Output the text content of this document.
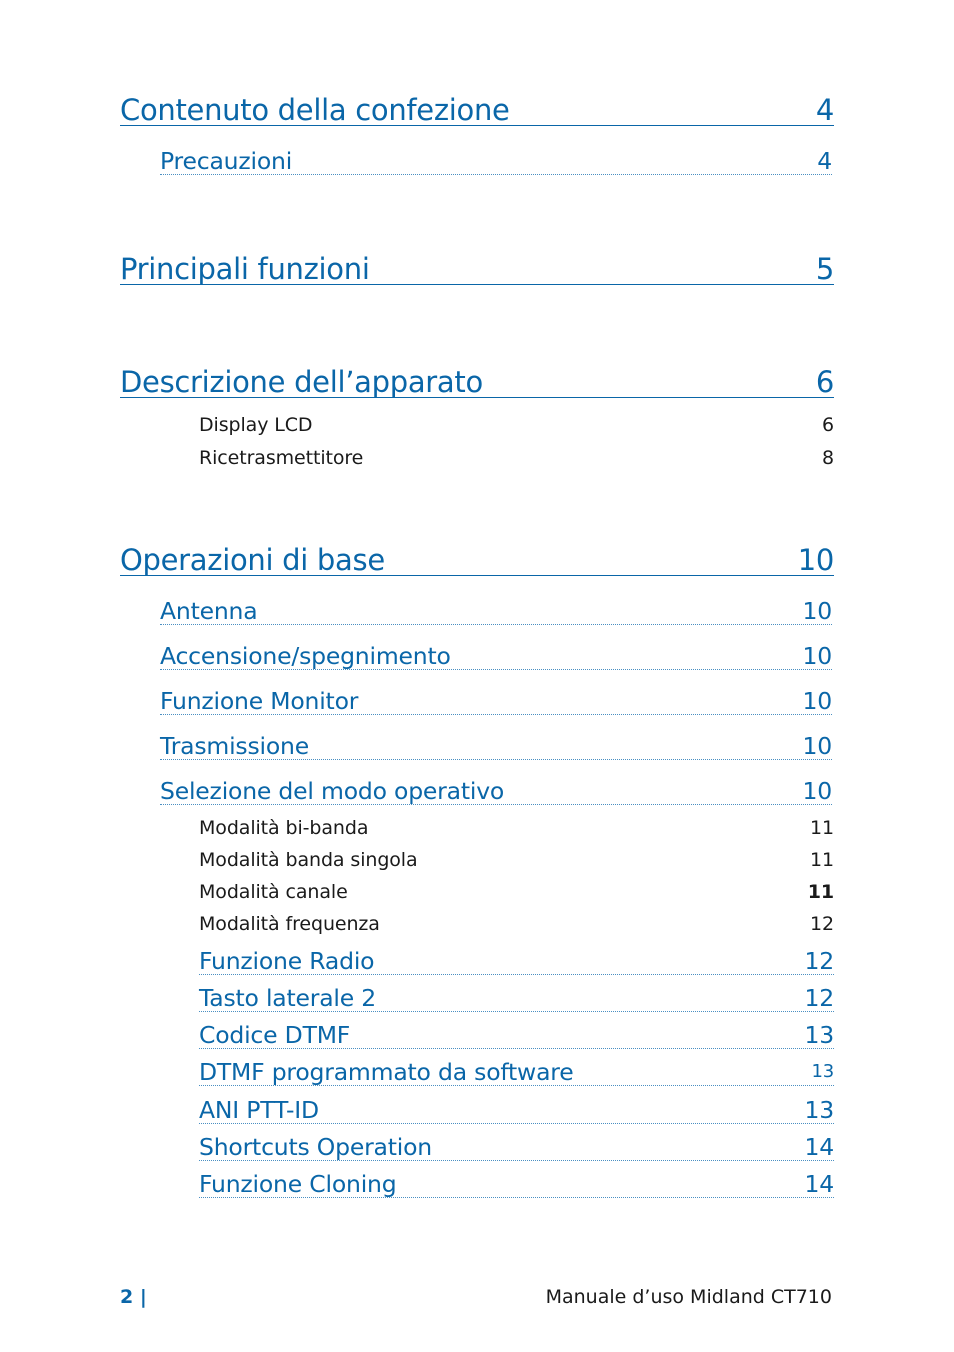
Contenuto della confezione	4
Precauzioni	4
Principali funzioni	5
Descrizione dell’apparato	6
Display LCD	6
Ricetrasmettitore	8
Operazioni di base	10
Antenna	10
Accensione/spegnimento	10
Funzione Monitor	10
Trasmissione	10
Selezione del modo operativo	10
Modalità bi-banda	11
Modalità banda singola	11
Modalità canale	11
Modalità frequenza	12
Funzione Radio	12
Tasto laterale 2	12
Codice DTMF	13
DTMF programmato da software	13
ANI PTT-ID	13
Shortcuts Operation	14
Funzione Cloning	14
2 |	Manuale d’uso Midland CT710
